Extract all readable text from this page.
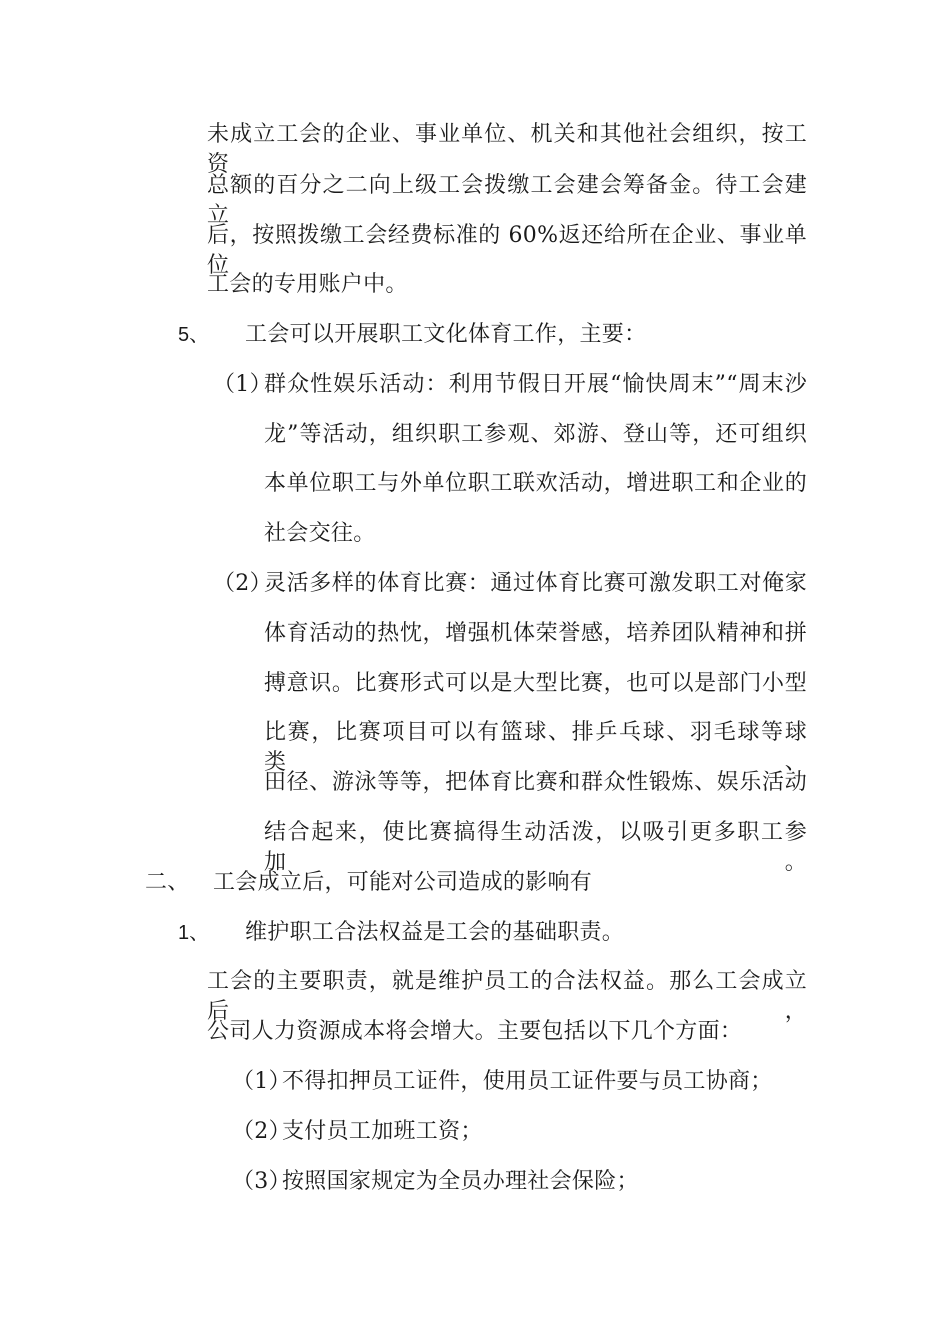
未成立工会的企业、事业单位、机关和其他社会组织，按工资
总额的百分之二向上级工会拨缴工会建会筹备金。待工会建立
后，按照拨缴工会经费标准的 60%返还给所在企业、事业单位
工会的专用账户中。
5、 工会可以开展职工文化体育工作，主要：
（1）
群众性娱乐活动：利用节假日开展“愉快周末”“周末沙
龙”等活动，组织职工参观、郊游、登山等，还可组织
本单位职工与外单位职工联欢活动，增进职工和企业的
社会交往。
（2）
灵活多样的体育比赛：通过体育比赛可激发职工对俺家
体育活动的热忱，增强机体荣誉感，培养团队精神和拼
搏意识。比赛形式可以是大型比赛，也可以是部门小型
比赛，比赛项目可以有篮球、排乒乓球、羽毛球等球类、
田径、游泳等等，把体育比赛和群众性锻炼、娱乐活动
结合起来，使比赛搞得生动活泼，以吸引更多职工参加。
二、 工会成立后，可能对公司造成的影响有
1、 维护职工合法权益是工会的基础职责。
工会的主要职责，就是维护员工的合法权益。那么工会成立后，
公司人力资源成本将会增大。主要包括以下几个方面：
（1）
不得扣押员工证件，使用员工证件要与员工协商；
（2）
支付员工加班工资；
（3）
按照国家规定为全员办理社会保险；
